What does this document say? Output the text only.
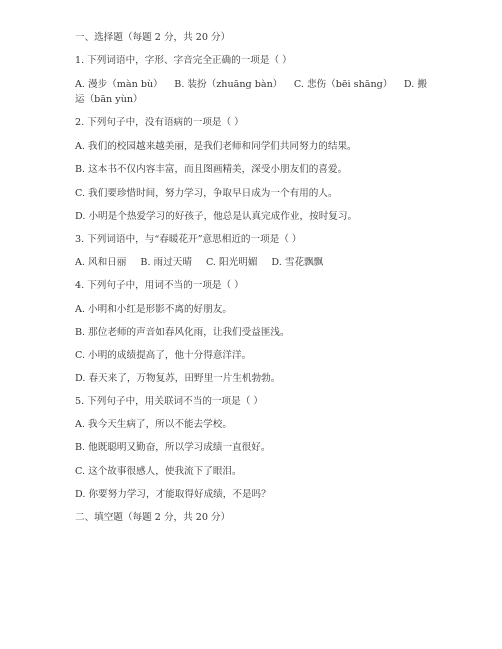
一、选择题（每题 2 分，共 20 分）
1. 下列词语中，字形、字音完全正确的一项是（ ）
A. 漫步（màn bù） B. 装扮（zhuāng bàn） C. 悲伤（bēi shāng） D. 搬
运（bān yùn）
2. 下列句子中，没有语病的一项是（ ）
A. 我们的校园越来越美丽，是我们老师和同学们共同努力的结果。
B. 这本书不仅内容丰富，而且图画精美，深受小朋友们的喜爱。
C. 我们要珍惜时间，努力学习，争取早日成为一个有用的人。
D. 小明是个热爱学习的好孩子，他总是认真完成作业，按时复习。
3. 下列词语中，与“春暖花开”意思相近的一项是（ ）
A. 风和日丽 B. 雨过天晴 C. 阳光明媚 D. 雪花飘飘
4. 下列句子中，用词不当的一项是（ ）
A. 小明和小红是形影不离的好朋友。
B. 那位老师的声音如春风化雨，让我们受益匪浅。
C. 小明的成绩提高了，他十分得意洋洋。
D. 春天来了，万物复苏，田野里一片生机勃勃。
5. 下列句子中，用关联词不当的一项是（ ）
A. 我今天生病了，所以不能去学校。
B. 他既聪明又勤奋，所以学习成绩一直很好。
C. 这个故事很感人，使我流下了眼泪。
D. 你要努力学习，才能取得好成绩，不是吗？
二、填空题（每题 2 分，共 20 分）
